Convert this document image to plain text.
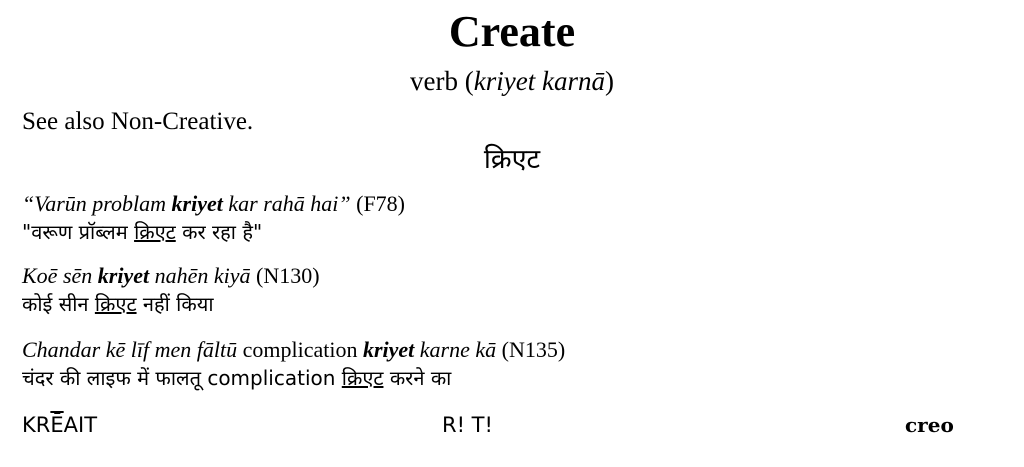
Create
verb (kriyet karnā)
See also Non-Creative.
क्रिएट
“Varūn problam kriyet kar rahā hai” (F78)
"वरूण प्रॉब्लम क्रिएट कर रहा है"
Koē sēn kriyet nahēn kiyā (N130)
कोई सीन क्रिएट नहीं किया
Chandar kē līf men fāltū complication kriyet karne kā (N135)
चंदर की लाइफ में फालतू complication क्रिएट करने का
$KR\overline{Ē}AIT$	R! T!	creo
